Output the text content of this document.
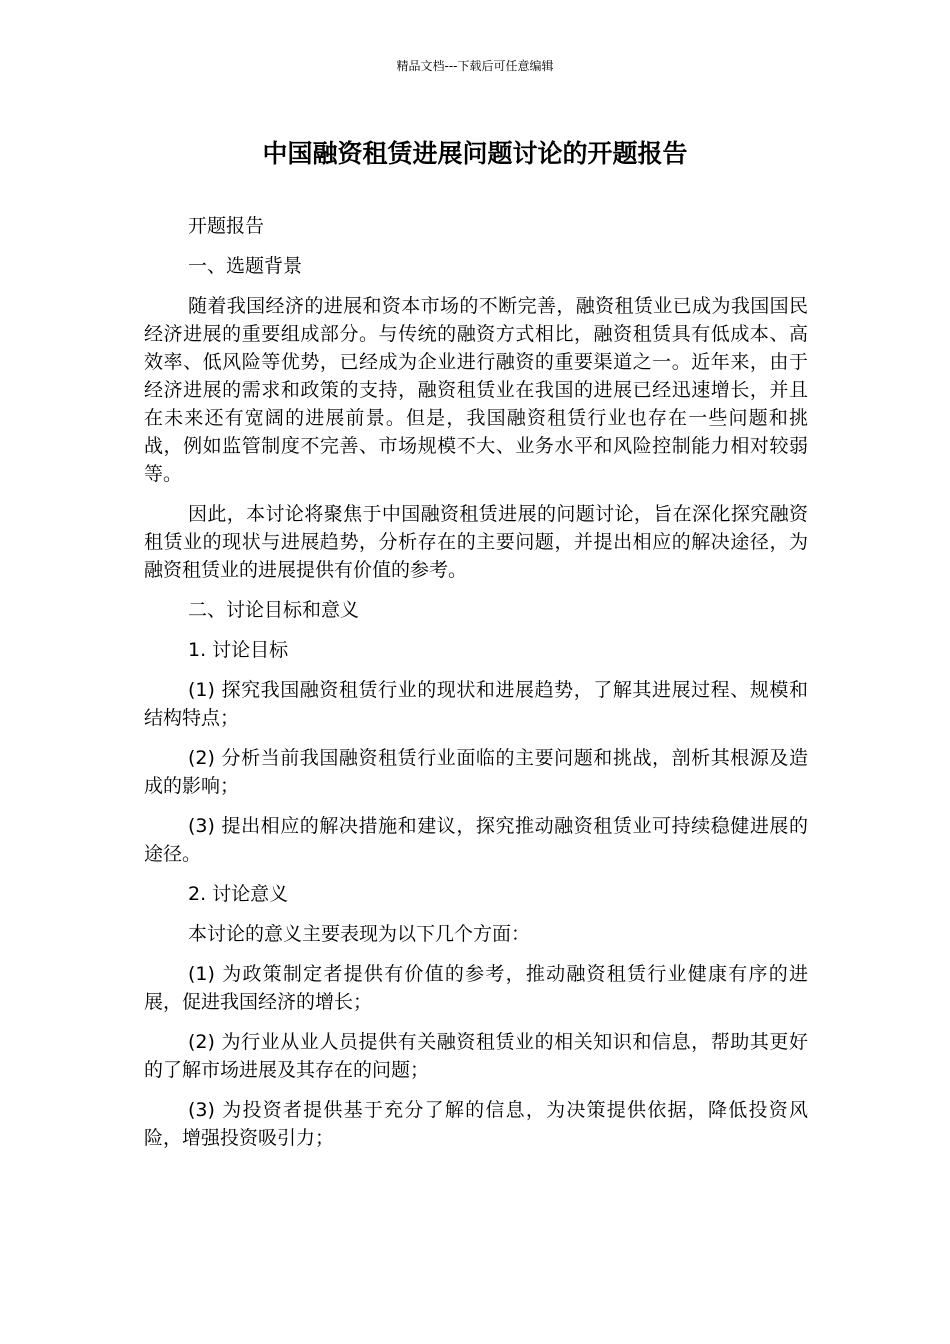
精品文档---下载后可任意编辑
中国融资租赁进展问题讨论的开题报告

开题报告

一、选题背景

随着我国经济的进展和资本市场的不断完善，融资租赁业已成为我国国民经济进展的重要组成部分。与传统的融资方式相比，融资租赁具有低成本、高效率、低风险等优势，已经成为企业进行融资的重要渠道之一。近年来，由于经济进展的需求和政策的支持，融资租赁业在我国的进展已经迅速增长，并且在未来还有宽阔的进展前景。但是，我国融资租赁行业也存在一些问题和挑战，例如监管制度不完善、市场规模不大、业务水平和风险控制能力相对较弱等。

因此，本讨论将聚焦于中国融资租赁进展的问题讨论，旨在深化探究融资租赁业的现状与进展趋势，分析存在的主要问题，并提出相应的解决途径，为融资租赁业的进展提供有价值的参考。

二、讨论目标和意义

1. 讨论目标

(1) 探究我国融资租赁行业的现状和进展趋势，了解其进展过程、规模和结构特点；

(2) 分析当前我国融资租赁行业面临的主要问题和挑战，剖析其根源及造成的影响；

(3) 提出相应的解决措施和建议，探究推动融资租赁业可持续稳健进展的途径。

2. 讨论意义

本讨论的意义主要表现为以下几个方面：

(1) 为政策制定者提供有价值的参考，推动融资租赁行业健康有序的进展，促进我国经济的增长；

(2) 为行业从业人员提供有关融资租赁业的相关知识和信息，帮助其更好的了解市场进展及其存在的问题；

(3) 为投资者提供基于充分了解的信息，为决策提供依据，降低投资风险，增强投资吸引力；
